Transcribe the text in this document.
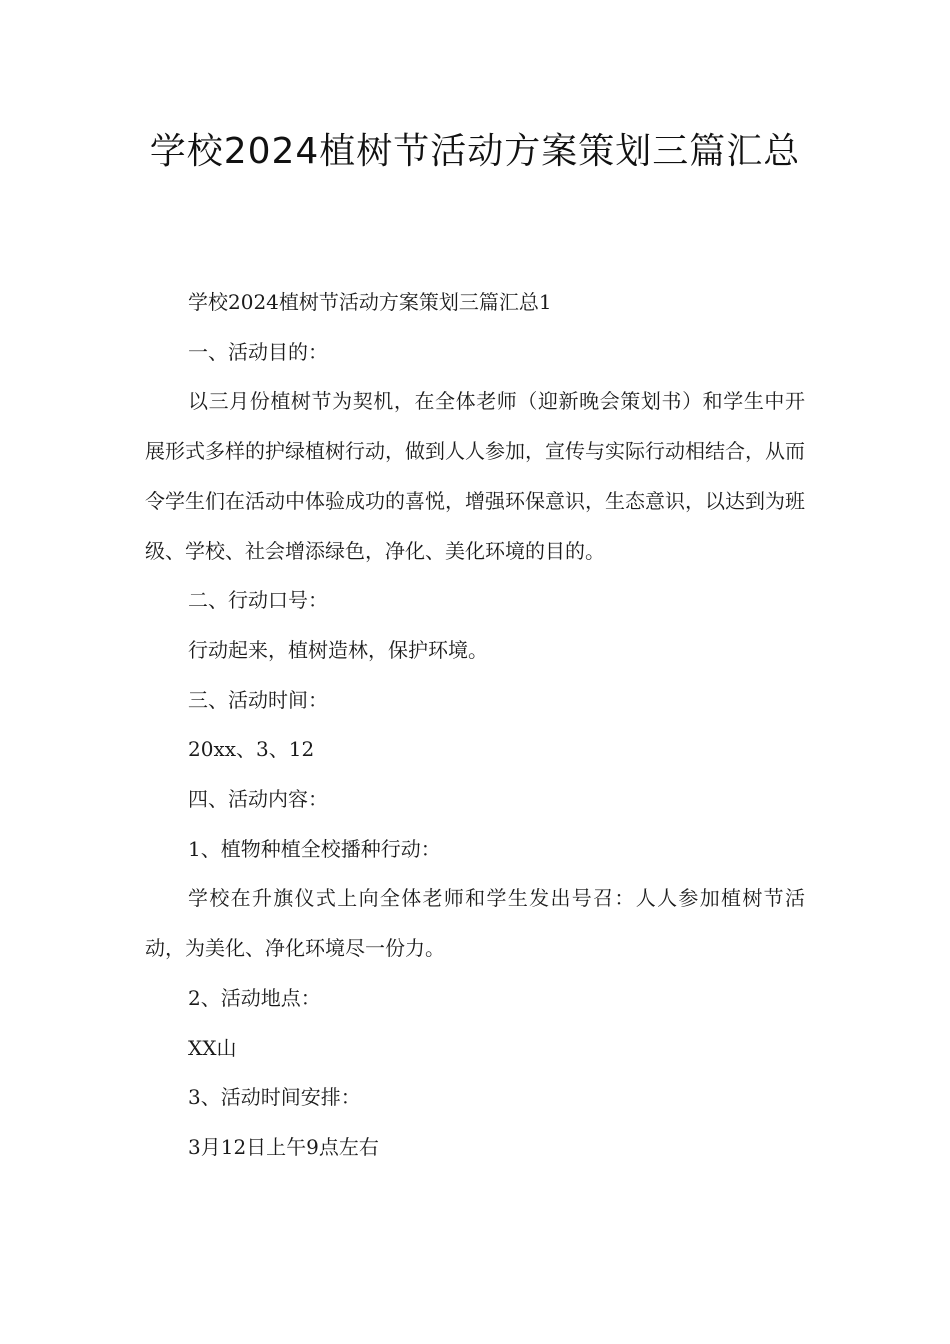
学校2024植树节活动方案策划三篇汇总

学校2024植树节活动方案策划三篇汇总1

一、活动目的：

以三月份植树节为契机，在全体老师（迎新晚会策划书）和学生中开展形式多样的护绿植树行动，做到人人参加，宣传与实际行动相结合，从而令学生们在活动中体验成功的喜悦，增强环保意识，生态意识，以达到为班级、学校、社会增添绿色，净化、美化环境的目的。

二、行动口号：

行动起来，植树造林，保护环境。

三、活动时间：

20xx、3、12

四、活动内容：

1、植物种植全校播种行动：

学校在升旗仪式上向全体老师和学生发出号召：人人参加植树节活动，为美化、净化环境尽一份力。

2、活动地点：

XX山

3、活动时间安排：

3月12日上午9点左右
